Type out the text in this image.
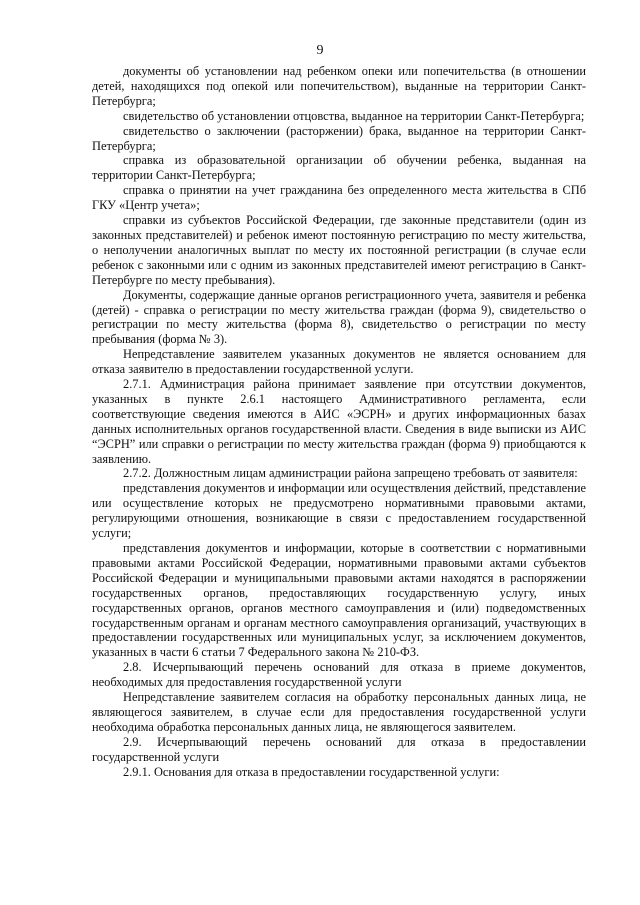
9

документы об установлении над ребенком опеки или попечительства (в отношении детей, находящихся под опекой или попечительством), выданные на территории Санкт-Петербурга;

свидетельство об установлении отцовства, выданное на территории Санкт-Петербурга;

свидетельство о заключении (расторжении) брака, выданное на территории Санкт-Петербурга;

справка из образовательной организации об обучении ребенка, выданная на территории Санкт-Петербурга;

справка о принятии на учет гражданина без определенного места жительства в СПб ГКУ «Центр учета»;

справки из субъектов Российской Федерации, где законные представители (один из законных представителей) и ребенок имеют постоянную регистрацию по месту жительства, о неполучении аналогичных выплат по месту их постоянной регистрации (в случае если ребенок с законными или с одним из законных представителей имеют регистрацию в Санкт-Петербурге по месту пребывания).

Документы, содержащие данные органов регистрационного учета, заявителя и ребенка (детей) - справка о регистрации по месту жительства граждан (форма 9), свидетельство о регистрации по месту жительства (форма 8), свидетельство о регистрации по месту пребывания (форма № 3).

Непредставление заявителем указанных документов не является основанием для отказа заявителю в предоставлении государственной услуги.

2.7.1. Администрация района принимает заявление при отсутствии документов, указанных в пункте 2.6.1 настоящего Административного регламента, если соответствующие сведения имеются в АИС «ЭСРН» и других информационных базах данных исполнительных органов государственной власти. Сведения в виде выписки из АИС “ЭСРН” или справки о регистрации по месту жительства граждан (форма 9) приобщаются к заявлению.

2.7.2. Должностным лицам администрации района запрещено требовать от заявителя:

представления документов и информации или осуществления действий, представление или осуществление которых не предусмотрено нормативными правовыми актами, регулирующими отношения, возникающие в связи с предоставлением государственной услуги;

представления документов и информации, которые в соответствии с нормативными правовыми актами Российской Федерации, нормативными правовыми актами субъектов Российской Федерации и муниципальными правовыми актами находятся в распоряжении государственных органов, предоставляющих государственную услугу, иных государственных органов, органов местного самоуправления и (или) подведомственных государственным органам и органам местного самоуправления организаций, участвующих в предоставлении государственных или муниципальных услуг, за исключением документов, указанных в части 6 статьи 7 Федерального закона № 210-ФЗ.

2.8. Исчерпывающий перечень оснований для отказа в приеме документов, необходимых для предоставления государственной услуги

Непредставление заявителем согласия на обработку персональных данных лица, не являющегося заявителем, в случае если для предоставления государственной услуги необходима обработка персональных данных лица, не являющегося заявителем.

2.9. Исчерпывающий перечень оснований для отказа в предоставлении государственной услуги

2.9.1. Основания для отказа в предоставлении государственной услуги:
